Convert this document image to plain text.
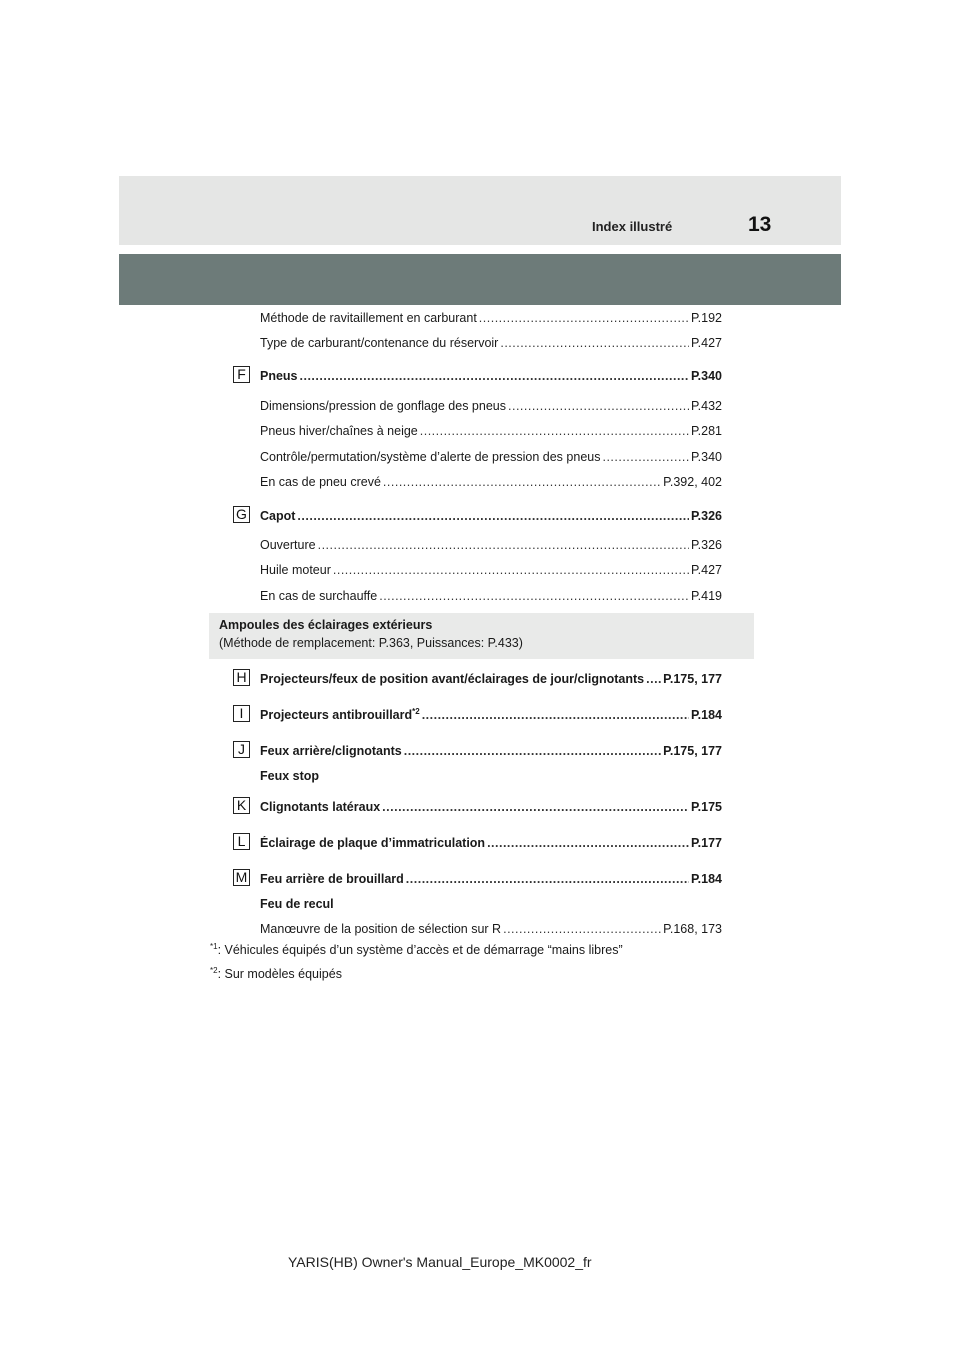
Index illustré	13
Méthode de ravitaillement en carburant .....	P.192
Type de carburant/contenance du réservoir .....	P.427
F	Pneus .....	P.340
Dimensions/pression de gonflage des pneus .....	P.432
Pneus hiver/chaînes à neige .....	P.281
Contrôle/permutation/système d’alerte de pression des pneus .....	P.340
En cas de pneu crevé .....	P.392, 402
G Capot .....	P.326
Ouverture .....	P.326
Huile moteur .....	P.427
En cas de surchauffe .....	P.419
Ampoules des éclairages extérieurs
(Méthode de remplacement: P.363, Puissances: P.433)
H Projecteurs/feux de position avant/éclairages de jour/clignotants ..... P.175, 177
I	Projecteurs antibrouillard$^{*2}$ .....	P.184
J	Feux arrière/clignotants .....	P.175, 177
Feux stop
K	Clignotants latéraux .....	P.175
L	Éclairage de plaque d’immatriculation .....	P.177
M Feu arrière de brouillard .....	P.184
Feu de recul
Manœuvre de la position de sélection sur R .....	P.168, 173
$^{*1}$: Véhicules équipés d’un système d’accès et de démarrage “mains libres”
$^{*2}$: Sur modèles équipés
YARIS(HB) Owner's Manual_Europe_MK0002_fr
